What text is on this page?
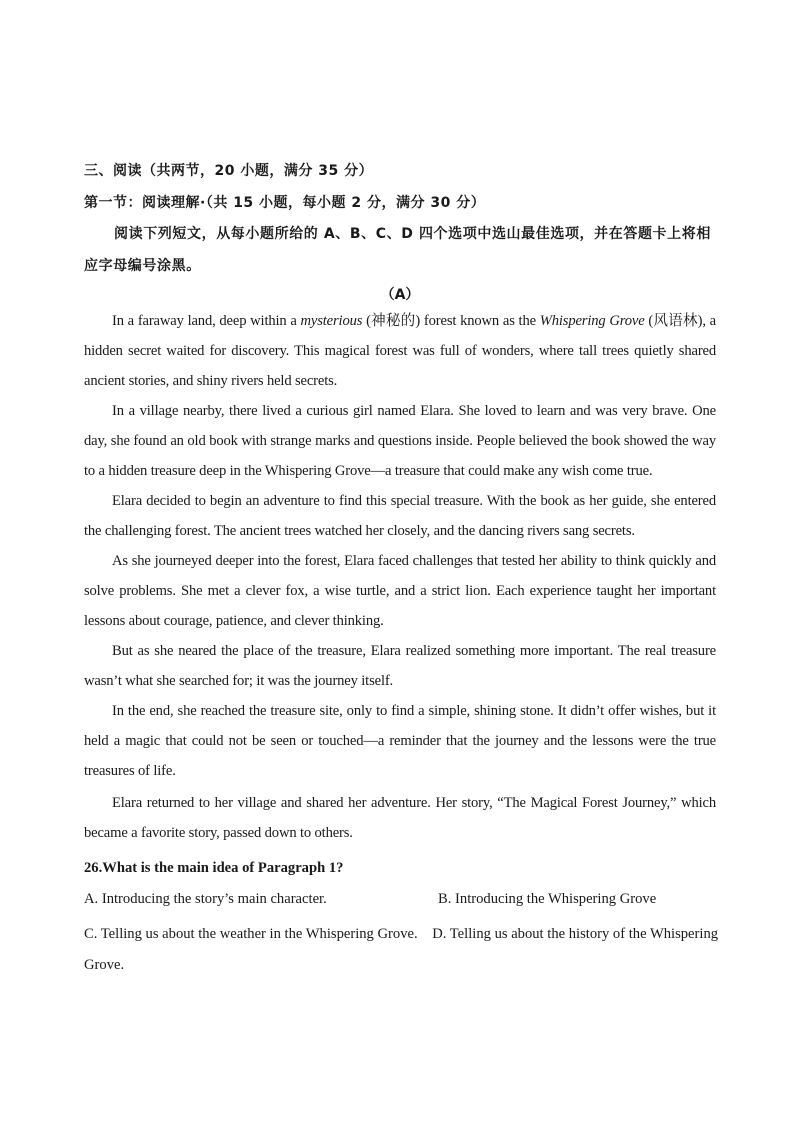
三、阅读（共两节，20 小题，满分 35 分）
第一节：阅读理解·（共 15 小题，每小题 2 分，满分 30 分）
阅读下列短文，从每小题所给的 A、B、C、D 四个选项中选山最佳选项，并在答题卡上将相应字母编号涂黑。
（A）
In a faraway land, deep within a mysterious (神秘的) forest known as the Whispering Grove (风语林), a hidden secret waited for discovery. This magical forest was full of wonders, where tall trees quietly shared ancient stories, and shiny rivers held secrets.
In a village nearby, there lived a curious girl named Elara. She loved to learn and was very brave. One day, she found an old book with strange marks and questions inside. People believed the book showed the way to a hidden treasure deep in the Whispering Grove—a treasure that could make any wish come true.
Elara decided to begin an adventure to find this special treasure. With the book as her guide, she entered the challenging forest. The ancient trees watched her closely, and the dancing rivers sang secrets.
As she journeyed deeper into the forest, Elara faced challenges that tested her ability to think quickly and solve problems. She met a clever fox, a wise turtle, and a strict lion. Each experience taught her important lessons about courage, patience, and clever thinking.
But as she neared the place of the treasure, Elara realized something more important. The real treasure wasn’t what she searched for; it was the journey itself.
In the end, she reached the treasure site, only to find a simple, shining stone. It didn’t offer wishes, but it held a magic that could not be seen or touched—a reminder that the journey and the lessons were the true treasures of life.
Elara returned to her village and shared her adventure. Her story, “The Magical Forest Journey,” which became a favorite story, passed down to others.
26.What is the main idea of Paragraph 1?
A. Introducing the story’s main character.	B. Introducing the Whispering Grove
C. Telling us about the weather in the Whispering Grove. D. Telling us about the history of the Whispering Grove.
